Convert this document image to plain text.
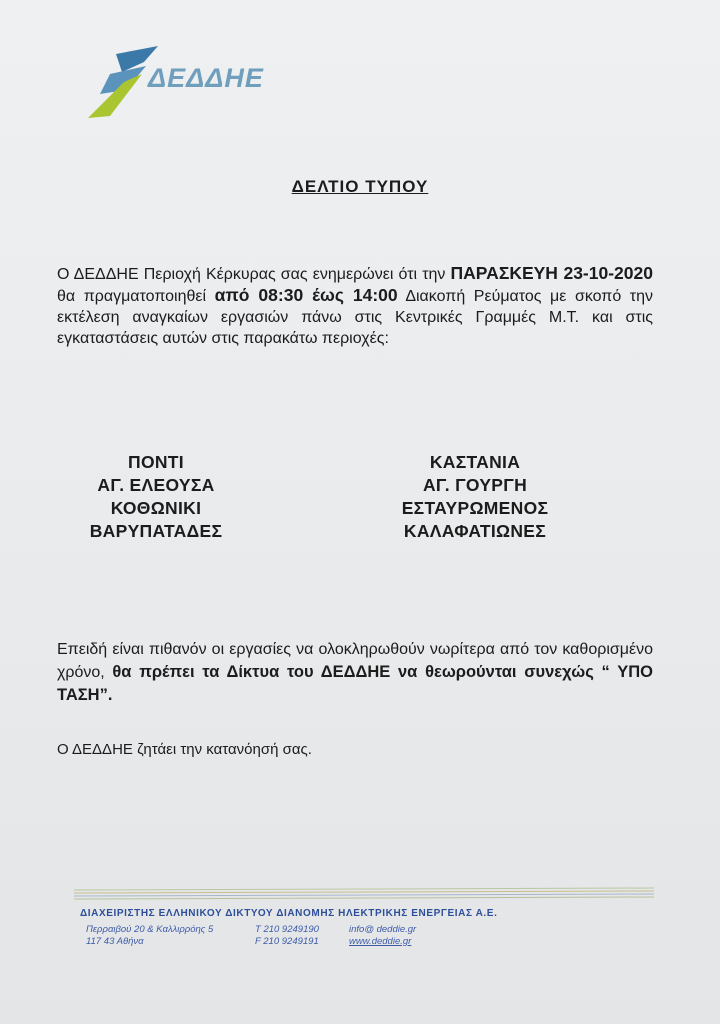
ΔΕΔΔΗΕ
ΔΕΛΤΙΟ ΤΥΠΟΥ
Ο ΔΕΔΔΗΕ Περιοχή Κέρκυρας σας ενημερώνει ότι την ΠΑΡΑΣΚΕΥΗ 23-10-2020 θα πραγματοποιηθεί από 08:30 έως 14:00 Διακοπή Ρεύματος με σκοπό την εκτέλεση αναγκαίων εργασιών πάνω στις Κεντρικές Γραμμές Μ.Τ. και στις εγκαταστάσεις αυτών στις παρακάτω περιοχές:
ΠΟΝΤΙ
ΑΓ. ΕΛΕΟΥΣΑ
ΚΟΘΩΝΙΚΙ
ΒΑΡΥΠΑΤΑΔΕΣ
ΚΑΣΤΑΝΙΑ
ΑΓ. ΓΟΥΡΓΗ
ΕΣΤΑΥΡΩΜΕΝΟΣ
ΚΑΛΑΦΑΤΙΩΝΕΣ
Επειδή είναι πιθανόν οι εργασίες να ολοκληρωθούν νωρίτερα από τον καθορισμένο χρόνο, θα πρέπει τα Δίκτυα του ΔΕΔΔΗΕ να θεωρούνται συνεχώς “ ΥΠΟ ΤΑΣΗ”.
Ο ΔΕΔΔΗΕ ζητάει την κατανόησή σας.
ΔΙΑΧΕΙΡΙΣΤΗΣ ΕΛΛΗΝΙΚΟΥ ΔΙΚΤΥΟΥ ΔΙΑΝΟΜΗΣ ΗΛΕΚΤΡΙΚΗΣ ΕΝΕΡΓΕΙΑΣ Α.Ε.
Περραιβού 20 & Καλλιρρόης 5
117 43 Αθήνα
T 210 9249190
F 210 9249191
info@ deddie.gr
www.deddie.gr
